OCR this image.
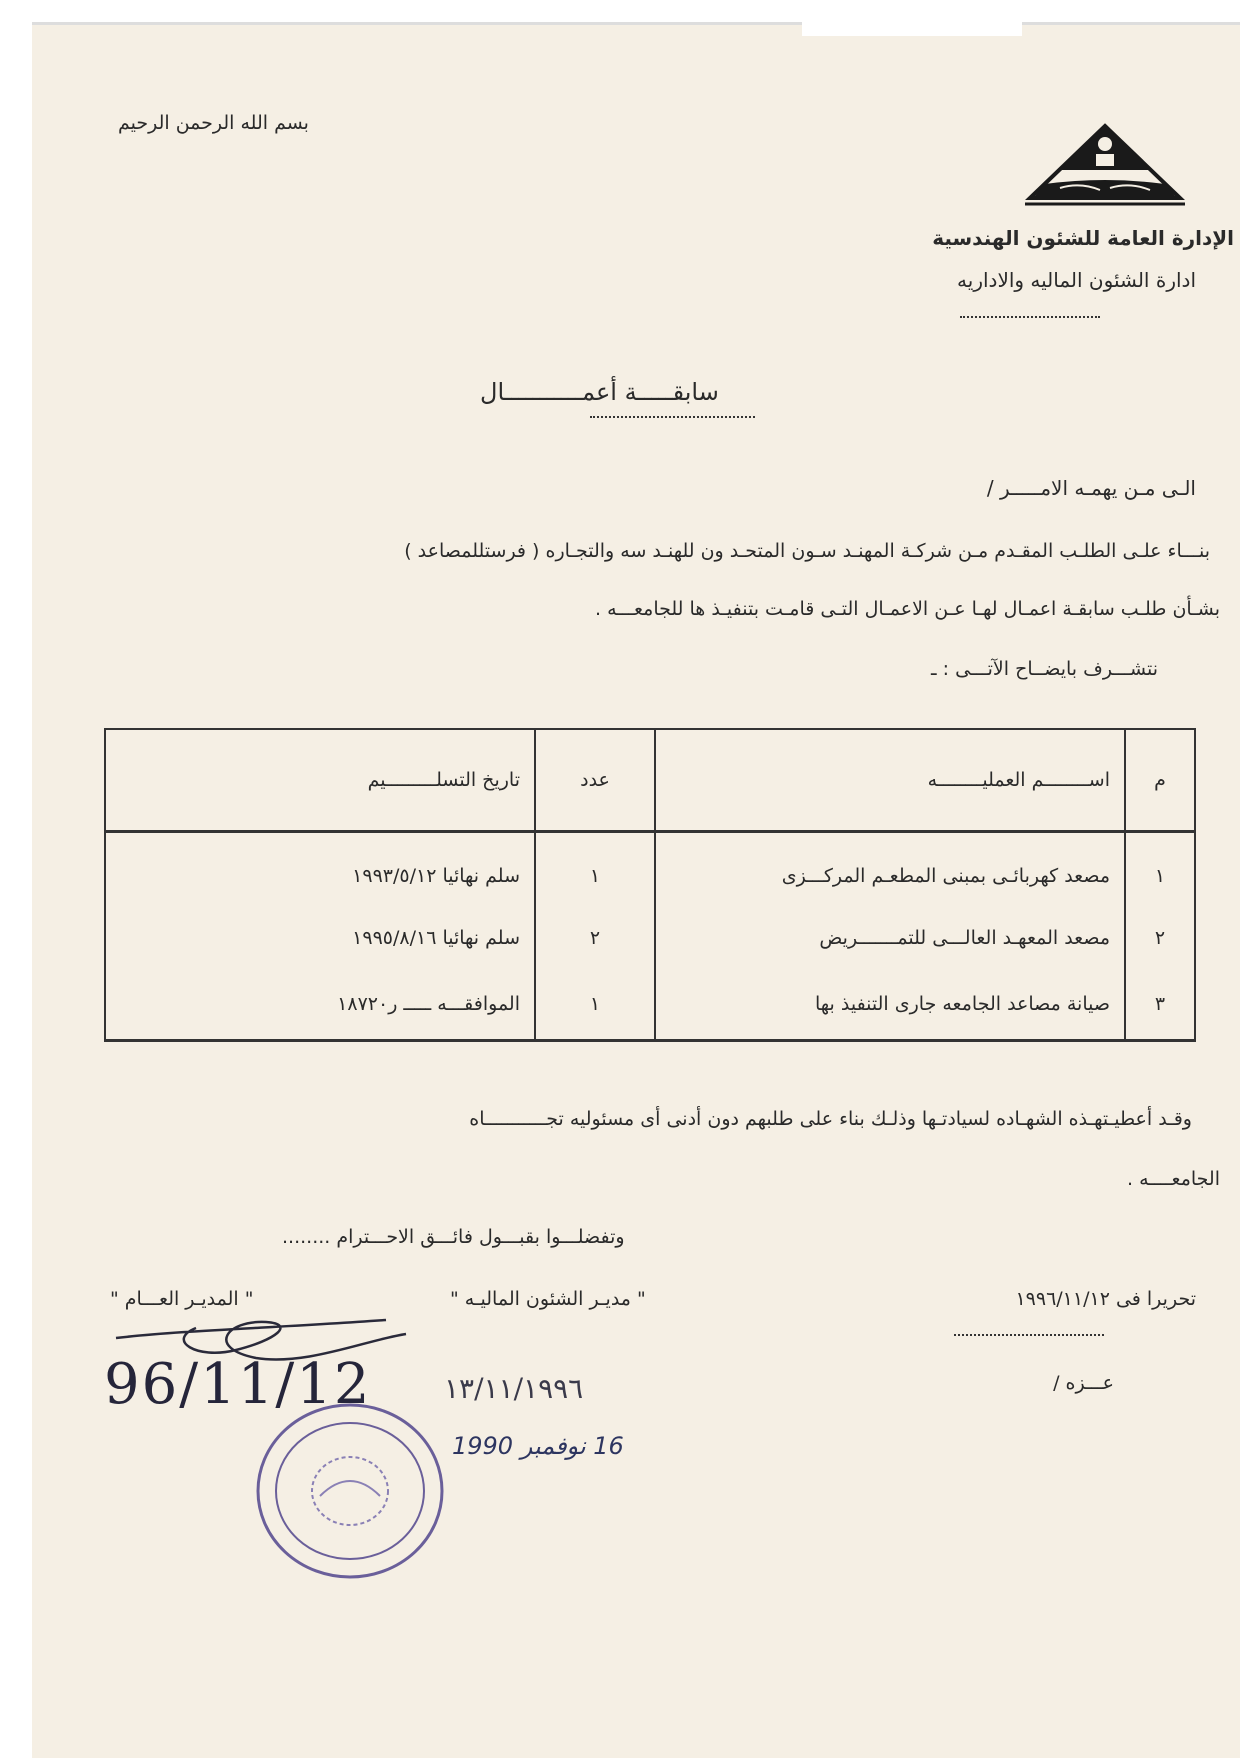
بسم الله الرحمن الرحيم
الإدارة العامة للشئون الهندسية
ادارة الشئون الماليه والاداريه
سابقـــــة أعمـــــــــــال
الـى مـن يهمـه الامـــــر /
بنـــاء علـى الطلـب المقـدم مـن شركـة المهنـد سـون المتحـد ون للهنـد سه والتجـاره ( فرستللمصاعد )
بشـأن طلـب سابقـة اعمـال لهـا عـن الاعمـال التـى قامـت بتنفيـذ ها للجامعـــه .
نتشـــرف بايضــاح الآتـــى : ـ
م	اســــــــم العمليــــــــه	عدد	تاريخ التسلـــــــــيم
١	مصعد كهربائـى بمبنى المطعـم المركـــزى	١	سلم نهائيا ١٩٩٣/٥/١٢
٢	مصعد المعهـد العالـــى للتمـــــــريض	٢	سلم نهائيا ١٩٩٥/٨/١٦
٣	صيانة مصاعد الجامعه جارى التنفيذ بها	١	الموافقـــه ـــــ ر١٨٧٢٠
وقـد أعطيـتهـذه الشهـاده لسيادتـها وذلـك بناء على طلبهم دون أدنى أى مسئوليه تجـــــــــــاه
الجامعــــه .
وتفضلـــوا بقبـــول فائـــق الاحـــترام ........
" المديـر العـــام "	" مديـر الشئون الماليـه "	تحريرا فى ١٩٩٦/١١/١٢
عـــزه /
96/11/12	١٣/١١/١٩٩٦
16 نوفمبر 1990
